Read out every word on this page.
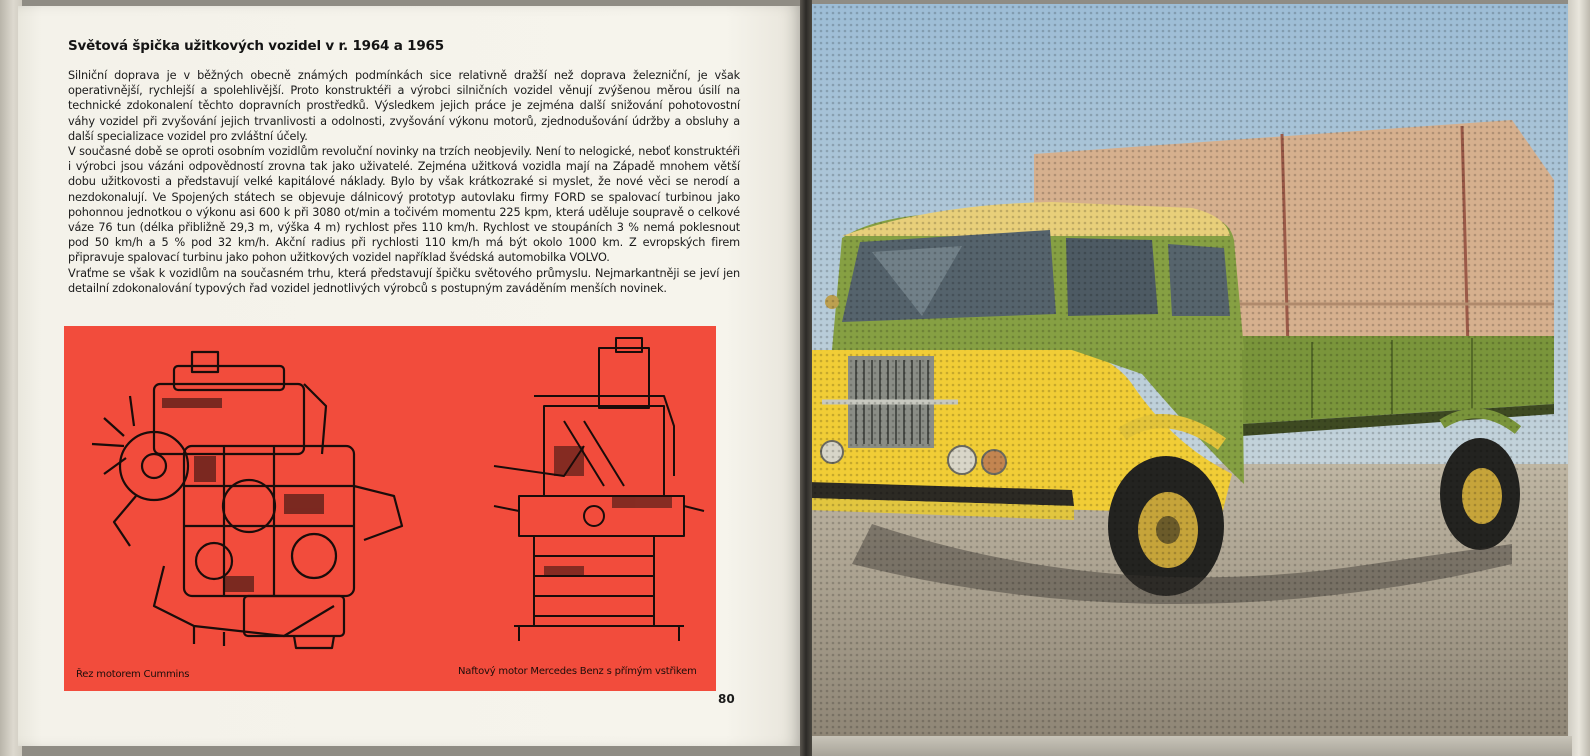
Světová špička užitkových vozidel v r. 1964 a 1965

Silniční doprava je v běžných obecně známých podmínkách sice relativně dražší než doprava železniční, je však operativnější, rychlejší a spolehlivější. Proto konstruktéři a výrobci silničních vozidel věnují zvýšenou měrou úsilí na technické zdokonalení těchto dopravních prostředků. Výsledkem jejich práce je zejména další snižování pohotovostní váhy vozidel při zvyšování jejich trvanlivosti a odolnosti, zvyšování výkonu motorů, zjednodušování údržby a obsluhy a další specializace vozidel pro zvláštní účely.

V současné době se oproti osobním vozidlům revoluční novinky na trzích neobjevily. Není to nelogické, neboť konstruktéři i výrobci jsou vázáni odpovědností zrovna tak jako uživatelé. Zejména užitková vozidla mají na Západě mnohem větší dobu užitkovosti a představují velké kapitálové náklady. Bylo by však krátkozraké si myslet, že nové věci se nerodí a nezdokonalují. Ve Spojených státech se objevuje dálnicový prototyp autovlaku firmy FORD se spalovací turbinou jako pohonnou jednotkou o výkonu asi 600 k při 3080 ot/min a točivém momentu 225 kpm, která uděluje soupravě o celkové váze 76 tun (délka přibližně 29,3 m, výška 4 m) rychlost přes 110 km/h. Rychlost ve stoupáních 3 % nemá poklesnout pod 50 km/h a 5 % pod 32 km/h. Akční radius při rychlosti 110 km/h má být okolo 1000 km. Z evropských firem připravuje spalovací turbinu jako pohon užitkových vozidel například švédská automobilka VOLVO.

Vraťme se však k vozidlům na současném trhu, která představují špičku světového průmyslu. Nejmarkantněji se jeví jen detailní zdokonalování typových řad vozidel jednotlivých výrobců s postupným zaváděním menších novinek.

Řez motorem Cummins	Naftový motor Mercedes Benz s přímým vstřikem
80
